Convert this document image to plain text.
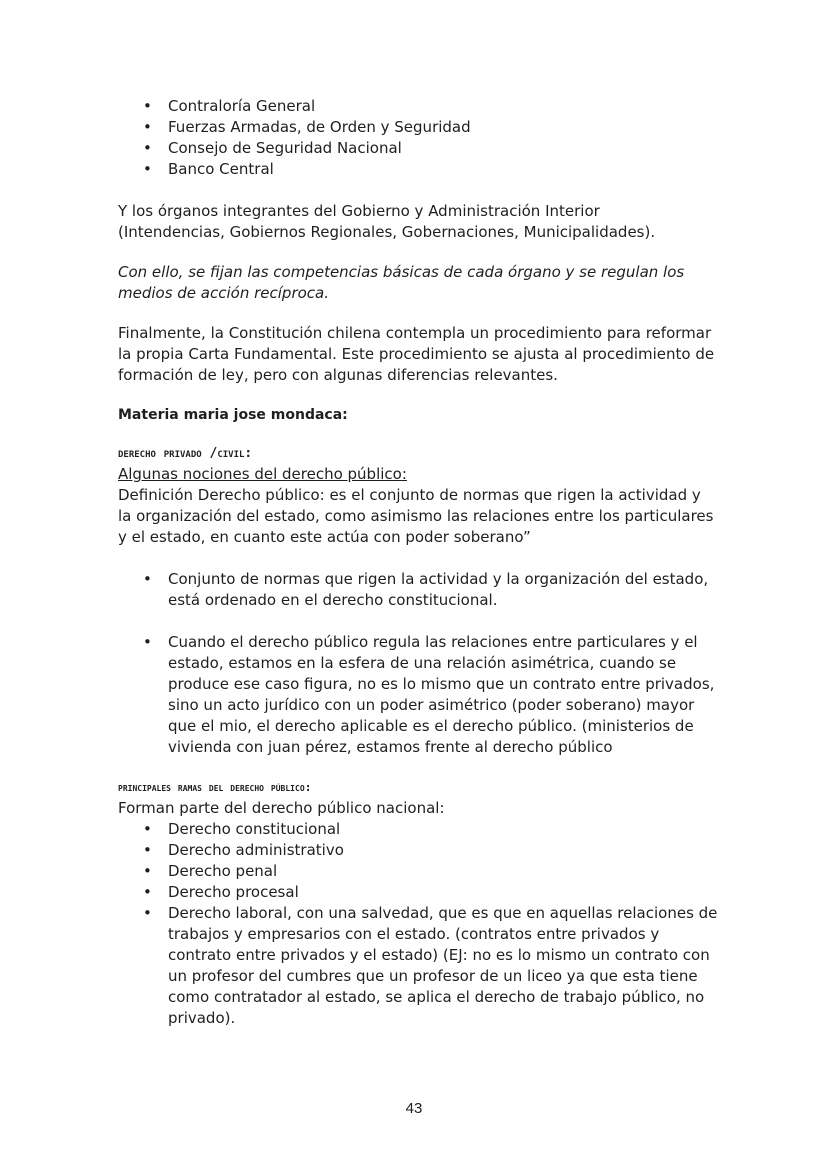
• Contraloría General
• Fuerzas Armadas, de Orden y Seguridad
• Consejo de Seguridad Nacional
• Banco Central

Y los órganos integrantes del Gobierno y Administración Interior
(Intendencias, Gobiernos Regionales, Gobernaciones, Municipalidades).

Con ello, se fijan las competencias básicas de cada órgano y se regulan los medios de acción recíproca.

Finalmente, la Constitución chilena contempla un procedimiento para reformar la propia Carta Fundamental. Este procedimiento se ajusta al procedimiento de formación de ley, pero con algunas diferencias relevantes.

Materia maria jose mondaca:

derecho privado /civil:

Algunas nociones del derecho público:

Definición Derecho público: es el conjunto de normas que rigen la actividad y la organización del estado, como asimismo las relaciones entre los particulares y el estado, en cuanto este actúa con poder soberano”

• Conjunto de normas que rigen la actividad y la organización del estado, está ordenado en el derecho constitucional.
• Cuando el derecho público regula las relaciones entre particulares y el estado, estamos en la esfera de una relación asimétrica, cuando se produce ese caso figura, no es lo mismo que un contrato entre privados, sino un acto jurídico con un poder asimétrico (poder soberano) mayor que el mio, el derecho aplicable es el derecho público. (ministerios de vivienda con juan pérez, estamos frente al derecho público

principales ramas del derecho público:

Forman parte del derecho público nacional:

• Derecho constitucional
• Derecho administrativo
• Derecho penal
• Derecho procesal
• Derecho laboral, con una salvedad, que es que en aquellas relaciones de trabajos y empresarios con el estado. (contratos entre privados y contrato entre privados y el estado) (EJ: no es lo mismo un contrato con un profesor del cumbres que un profesor de un liceo ya que esta tiene como contratador al estado, se aplica el derecho de trabajo público, no privado).
43
